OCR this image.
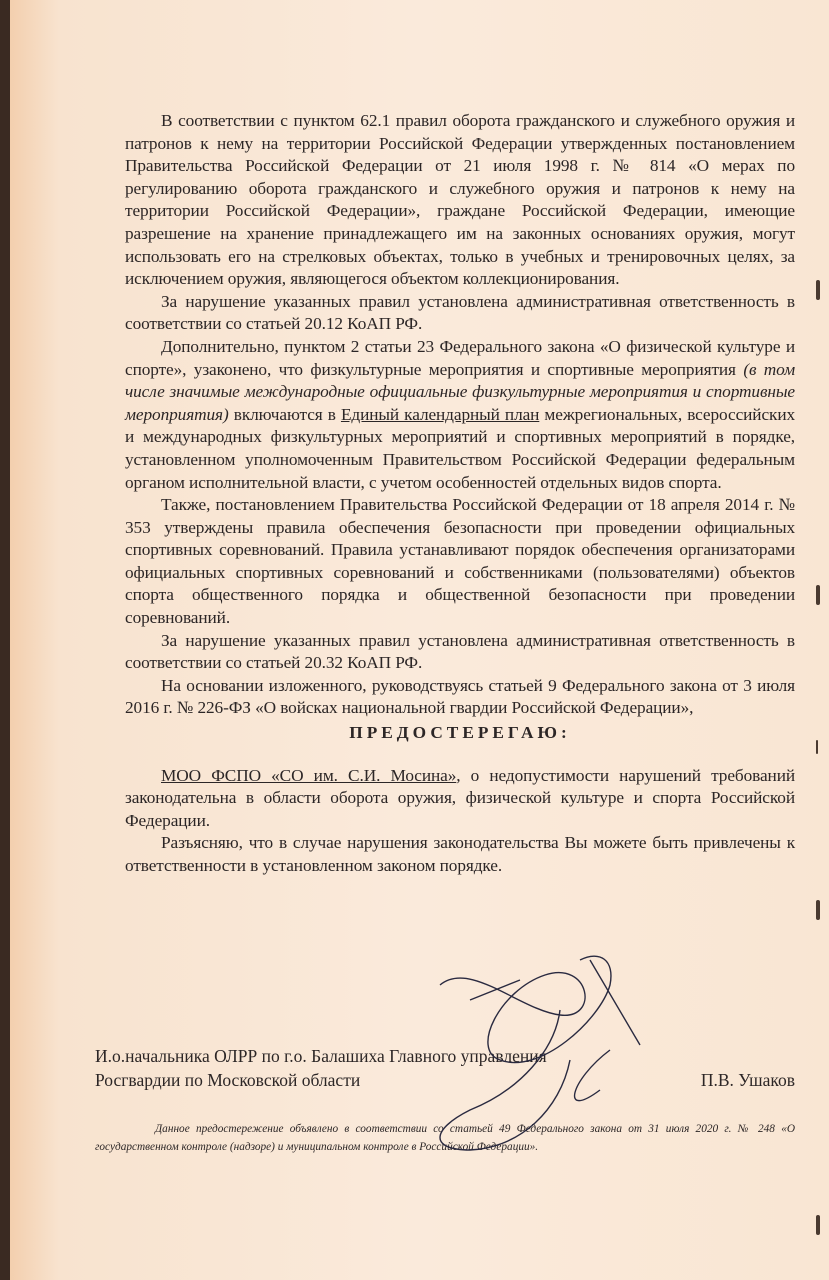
В соответствии с пунктом 62.1 правил оборота гражданского и служебного оружия и патронов к нему на территории Российской Федерации утвержденных постановлением Правительства Российской Федерации от 21 июля 1998 г. № 814 «О мерах по регулированию оборота гражданского и служебного оружия и патронов к нему на территории Российской Федерации», граждане Российской Федерации, имеющие разрешение на хранение принадлежащего им на законных основаниях оружия, могут использовать его на стрелковых объектах, только в учебных и тренировочных целях, за исключением оружия, являющегося объектом коллекционирования.

За нарушение указанных правил установлена административная ответственность в соответствии со статьей 20.12 КоАП РФ.

Дополнительно, пунктом 2 статьи 23 Федерального закона «О физической культуре и спорте», узаконено, что физкультурные мероприятия и спортивные мероприятия (в том числе значимые международные официальные физкультурные мероприятия и спортивные мероприятия) включаются в Единый календарный план межрегиональных, всероссийских и международных физкультурных мероприятий и спортивных мероприятий в порядке, установленном уполномоченным Правительством Российской Федерации федеральным органом исполнительной власти, с учетом особенностей отдельных видов спорта.

Также, постановлением Правительства Российской Федерации от 18 апреля 2014 г. № 353 утверждены правила обеспечения безопасности при проведении официальных спортивных соревнований. Правила устанавливают порядок обеспечения организаторами официальных спортивных соревнований и собственниками (пользователями) объектов спорта общественного порядка и общественной безопасности при проведении соревнований.

За нарушение указанных правил установлена административная ответственность в соответствии со статьей 20.32 КоАП РФ.

На основании изложенного, руководствуясь статьей 9 Федерального закона от 3 июля 2016 г. № 226-ФЗ «О войсках национальной гвардии Российской Федерации»,

ПРЕДОСТЕРЕГАЮ:

МОО ФСПО «СО им. С.И. Мосина», о недопустимости нарушений требований законодательна в области оборота оружия, физической культуре и спорта Российской Федерации.

Разъясняю, что в случае нарушения законодательства Вы можете быть привлечены к ответственности в установленном законом порядке.

И.о.начальника ОЛРР по г.о. Балашиха Главного управления
Росгвардии по Московской области	П.В. Ушаков
Данное предостережение объявлено в соответствии со статьей 49 Федерального закона от 31 июля 2020 г. № 248 «О государственном контроле (надзоре) и муниципальном контроле в Российской Федерации».
